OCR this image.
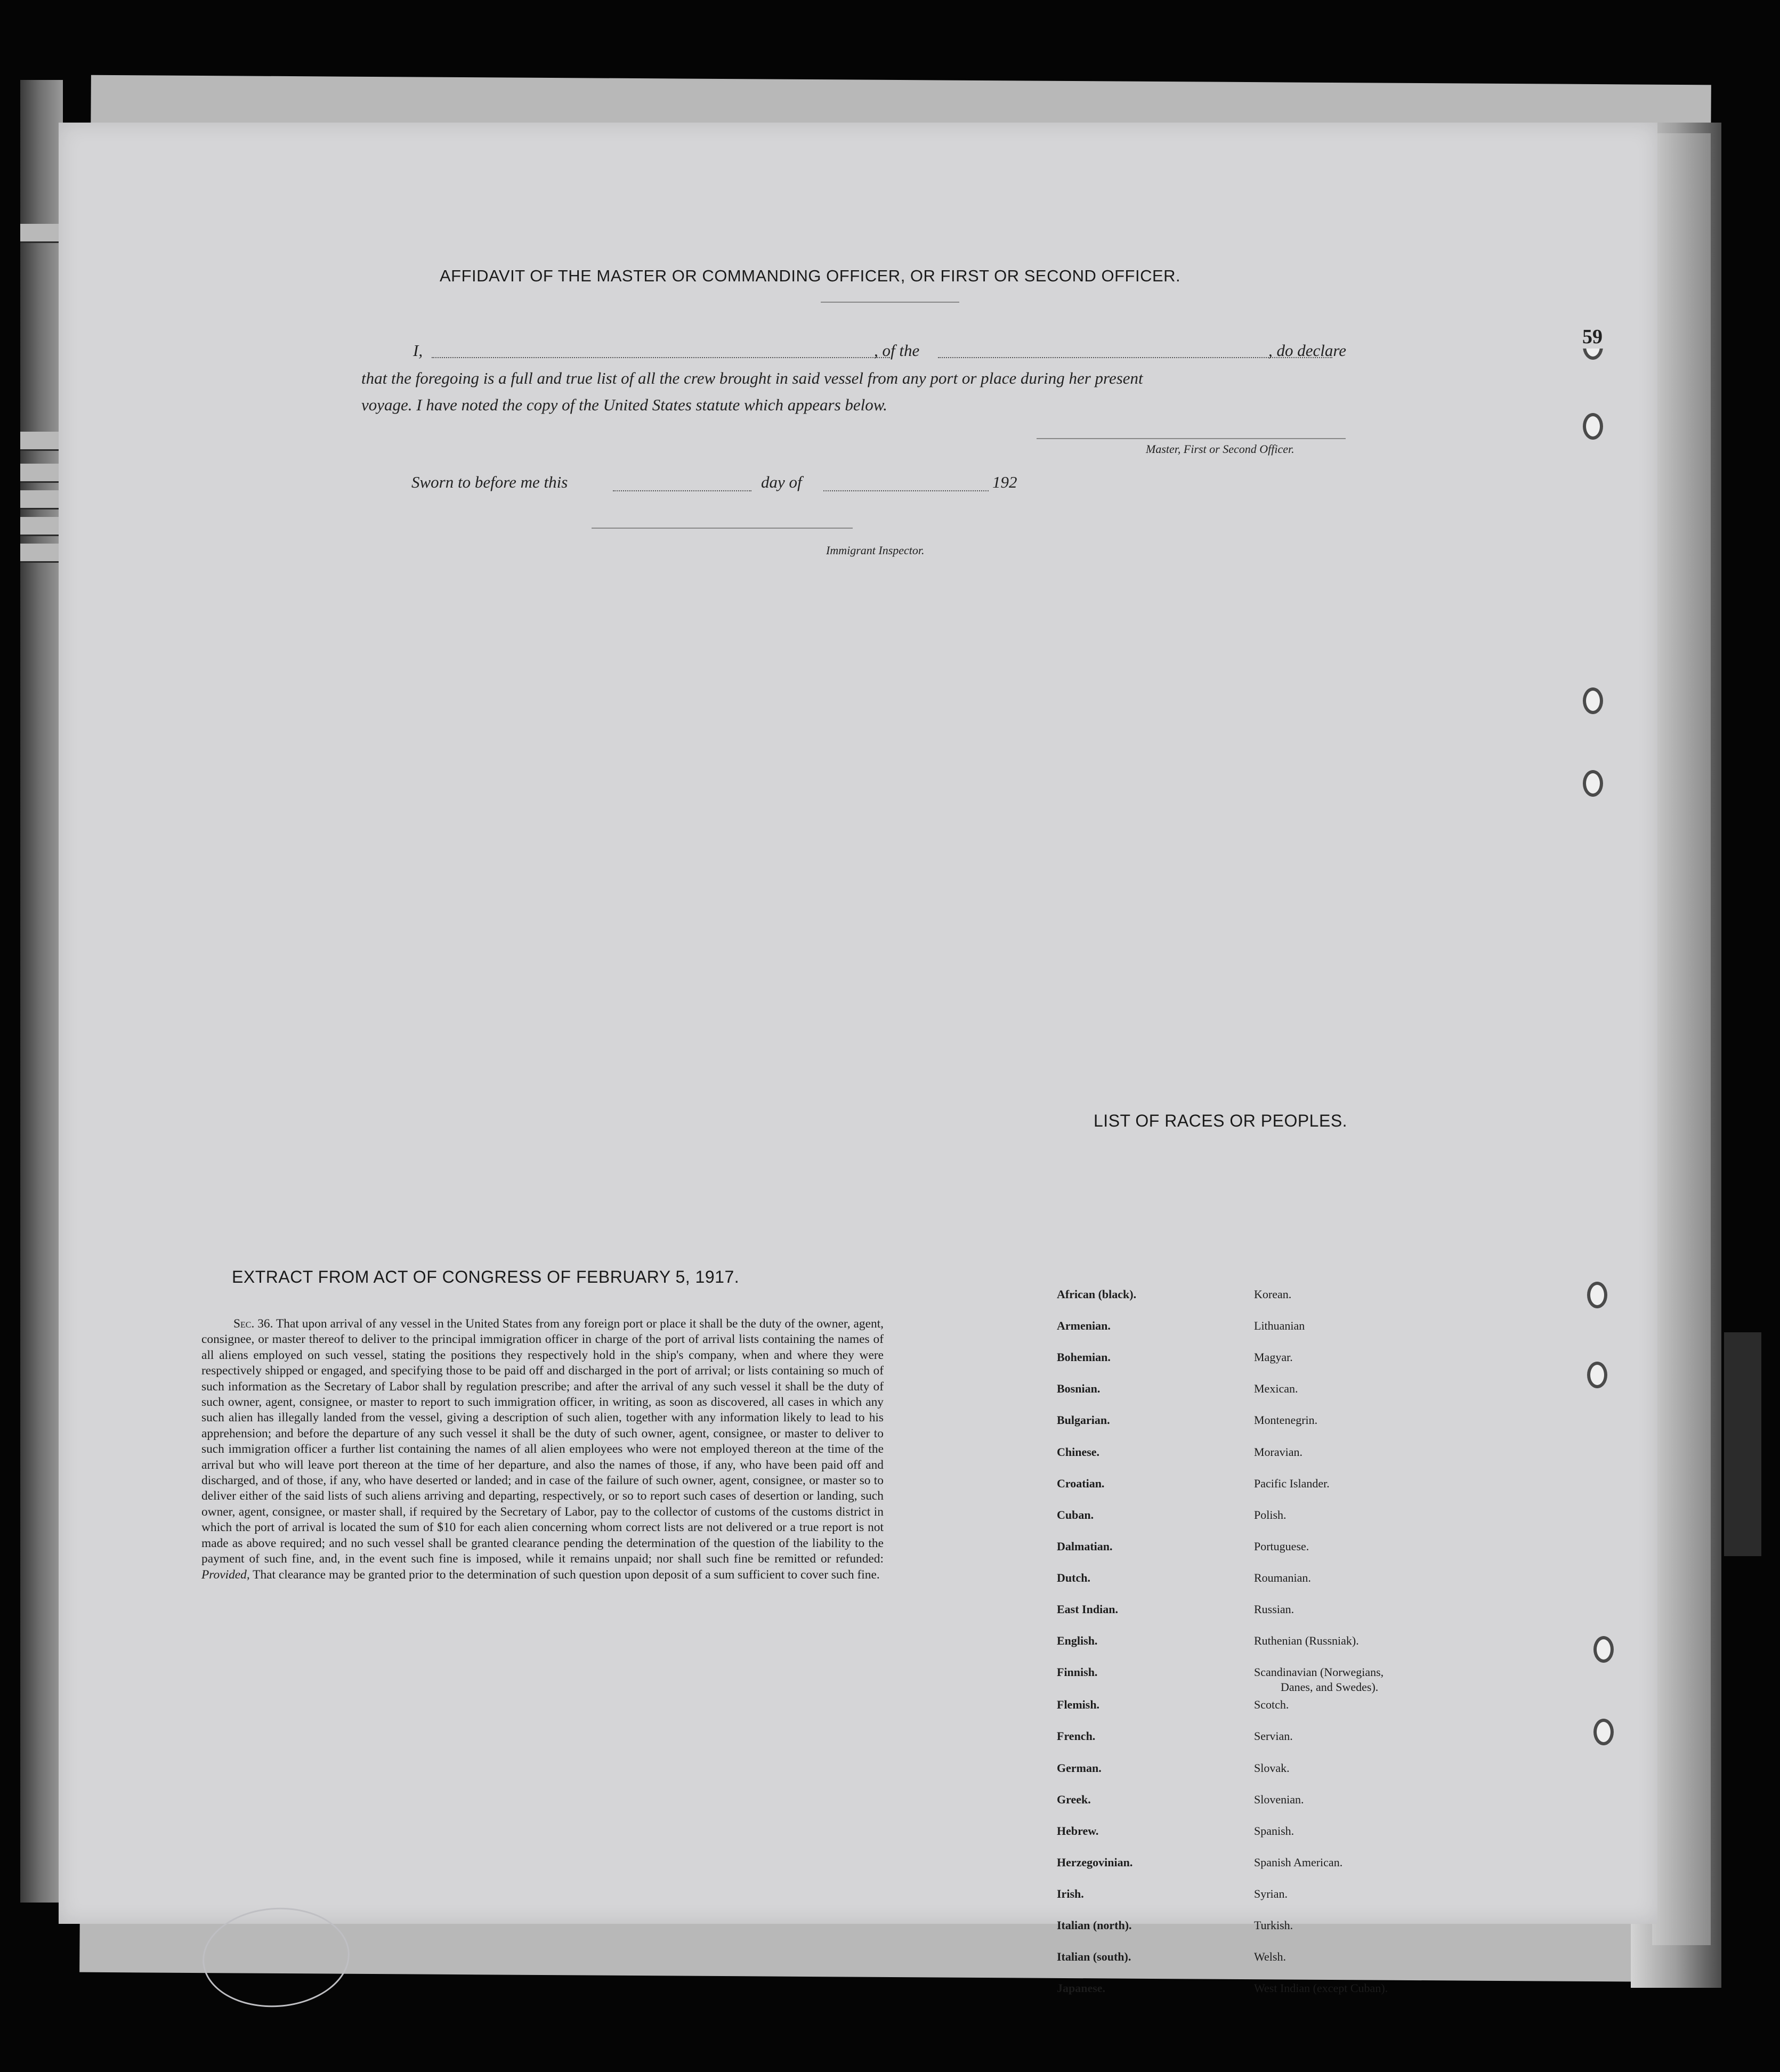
AFFIDAVIT OF THE MASTER OR COMMANDING OFFICER, OR FIRST OR SECOND OFFICER.
I,	, of the	, do declare
that the foregoing is a full and true list of all the crew brought in said vessel from any port or place during her present
voyage. I have noted the copy of the United States statute which appears below.
Master, First or Second Officer.
Sworn to before me this	day of	192
Immigrant Inspector.
LIST OF RACES OR PEOPLES.
African (black).	Korean.
Armenian.	Lithuanian
Bohemian.	Magyar.
Bosnian.	Mexican.
Bulgarian.	Montenegrin.
Chinese.	Moravian.
Croatian.	Pacific Islander.
Cuban.	Polish.
Dalmatian.	Portuguese.
Dutch.	Roumanian.
East Indian.	Russian.
English.	Ruthenian (Russniak).
Finnish.	Scandinavian (Norwegians,
Danes, and Swedes).
Flemish.	Scotch.
French.	Servian.
German.	Slovak.
Greek.	Slovenian.
Hebrew.	Spanish.
Herzegovinian.	Spanish American.
Irish.	Syrian.
Italian (north).	Turkish.
Italian (south).	Welsh.
Japanese.	West Indian (except Cuban).
EXTRACT FROM ACT OF CONGRESS OF FEBRUARY 5, 1917.
Sec. 36. That upon arrival of any vessel in the United States from any foreign port or place it shall be the duty of the owner, agent, consignee, or master thereof to deliver to the principal immigration officer in charge of the port of arrival lists containing the names of all aliens employed on such vessel, stating the positions they respectively hold in the ship's company, when and where they were respectively shipped or engaged, and specifying those to be paid off and discharged in the port of arrival; or lists containing so much of such information as the Secretary of Labor shall by regulation prescribe; and after the arrival of any such vessel it shall be the duty of such owner, agent, consignee, or master to report to such immigration officer, in writing, as soon as discovered, all cases in which any such alien has illegally landed from the vessel, giving a description of such alien, together with any information likely to lead to his apprehension; and before the departure of any such vessel it shall be the duty of such owner, agent, consignee, or master to deliver to such immigration officer a further list containing the names of all alien employees who were not employed thereon at the time of the arrival but who will leave port thereon at the time of her departure, and also the names of those, if any, who have been paid off and discharged, and of those, if any, who have deserted or landed; and in case of the failure of such owner, agent, consignee, or master so to deliver either of the said lists of such aliens arriving and departing, respectively, or so to report such cases of desertion or landing, such owner, agent, consignee, or master shall, if required by the Secretary of Labor, pay to the collector of customs of the customs district in which the port of arrival is located the sum of $10 for each alien concerning whom correct lists are not delivered or a true report is not made as above required; and no such vessel shall be granted clearance pending the determination of the question of the liability to the payment of such fine, and, in the event such fine is imposed, while it remains unpaid; nor shall such fine be remitted or refunded: Provided, That clearance may be granted prior to the determination of such question upon deposit of a sum sufficient to cover such fine.
59
